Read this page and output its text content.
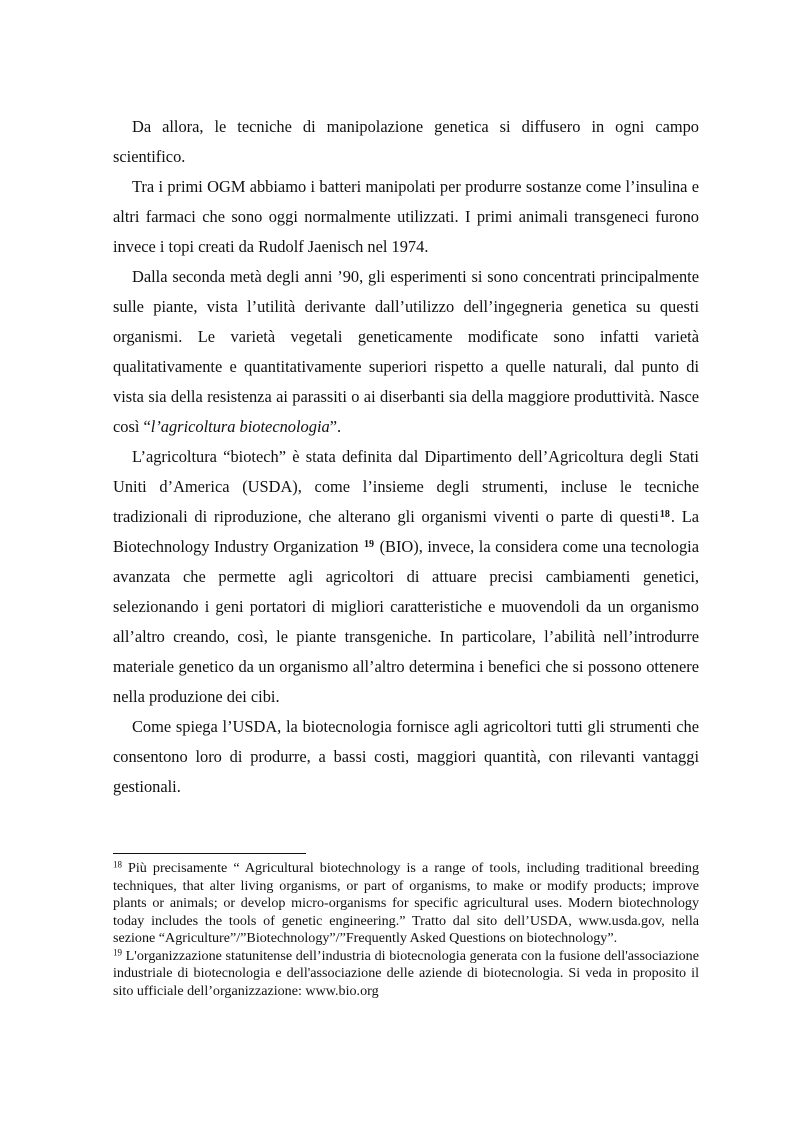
Da allora, le tecniche di manipolazione genetica si diffusero in ogni campo scientifico.

Tra i primi OGM abbiamo i batteri manipolati per produrre sostanze come l’insulina e altri farmaci che sono oggi normalmente utilizzati. I primi animali transgeneci furono invece i topi creati da Rudolf Jaenisch nel 1974.

Dalla seconda metà degli anni ’90, gli esperimenti si sono concentrati principalmente sulle piante, vista l’utilità derivante dall’utilizzo dell’ingegneria genetica su questi organismi. Le varietà vegetali geneticamente modificate sono infatti varietà qualitativamente e quantitativamente superiori rispetto a quelle naturali, dal punto di vista sia della resistenza ai parassiti o ai diserbanti sia della maggiore produttività. Nasce così “l’agricoltura biotecnologia”.

L’agricoltura “biotech” è stata definita dal Dipartimento dell’Agricoltura degli Stati Uniti d’America (USDA), come l’insieme degli strumenti, incluse le tecniche tradizionali di riproduzione, che alterano gli organismi viventi o parte di questi$^{18}$. La Biotechnology Industry Organization $^{19}$ (BIO), invece, la considera come una tecnologia avanzata che permette agli agricoltori di attuare precisi cambiamenti genetici, selezionando i geni portatori di migliori caratteristiche e muovendoli da un organismo all’altro creando, così, le piante transgeniche. In particolare, l’abilità nell’introdurre materiale genetico da un organismo all’altro determina i benefici che si possono ottenere nella produzione dei cibi.

Come spiega l’USDA, la biotecnologia fornisce agli agricoltori tutti gli strumenti che consentono loro di produrre, a bassi costi, maggiori quantità, con rilevanti vantaggi gestionali.

$^{18}$ Più precisamente “ Agricultural biotechnology is a range of tools, including traditional breeding techniques, that alter living organisms, or part of organisms, to make or modify products; improve plants or animals; or develop micro-organisms for specific agricultural uses. Modern biotechnology today includes the tools of genetic engineering.” Tratto dal sito dell’USDA, www.usda.gov, nella sezione “Agriculture”/”Biotechnology”/”Frequently Asked Questions on biotechnology”.

$^{19}$ L'organizzazione statunitense dell’industria di biotecnologia generata con la fusione dell'associazione industriale di biotecnologia e dell'associazione delle aziende di biotecnologia. Si veda in proposito il sito ufficiale dell’organizzazione: www.bio.org
